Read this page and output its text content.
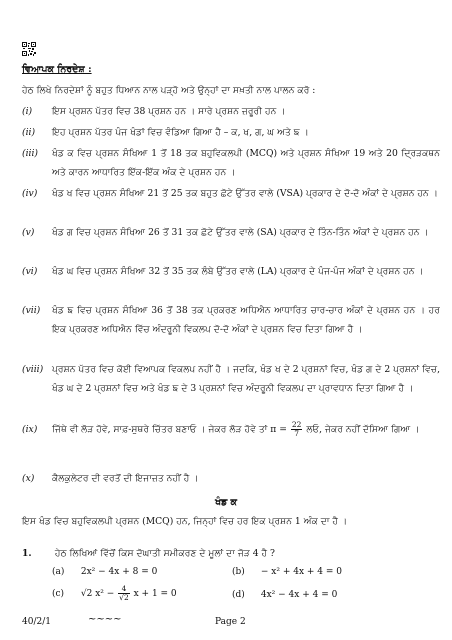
ਵਿਆਪਕ ਨਿਰਦੇਸ਼ :
ਹੇਠ ਲਿਖੇ ਨਿਰਦੇਸ਼ਾਂ ਨੂੰ ਬਹੁਤ ਧਿਆਨ ਨਾਲ ਪੜ੍ਹੋ ਅਤੇ ਉਨ੍ਹਾਂ ਦਾ ਸਖ਼ਤੀ ਨਾਲ ਪਾਲਨ ਕਰੋ :
(i)	ਇਸ ਪ੍ਰਸ਼ਨ ਪੱਤਰ ਵਿਚ 38 ਪ੍ਰਸ਼ਨ ਹਨ । ਸਾਰੇ ਪ੍ਰਸ਼ਨ ਜ਼ਰੂਰੀ ਹਨ ।
(ii)	ਇਹ ਪ੍ਰਸ਼ਨ ਪੱਤਰ ਪੰਜ ਖੰਡਾਂ ਵਿਚ ਵੰਡਿਆ ਗਿਆ ਹੈ – ਕ, ਖ, ਗ, ਘ ਅਤੇ ਙ ।
(iii)	ਖੰਡ ਕ ਵਿਚ ਪ੍ਰਸ਼ਨ ਸੰਖਿਆ 1 ਤੋਂ 18 ਤਕ ਬਹੁਵਿਕਲਪੀ (MCQ) ਅਤੇ ਪ੍ਰਸ਼ਨ ਸੰਖਿਆ 19 ਅਤੇ 20 ਦ੍ਰਿੜਕਥਨ ਅਤੇ ਕਾਰਨ ਆਧਾਰਿਤ ਇੱਕ-ਇੱਕ ਅੰਕ ਦੇ ਪ੍ਰਸ਼ਨ ਹਨ ।
(iv)	ਖੰਡ ਖ ਵਿਚ ਪ੍ਰਸ਼ਨ ਸੰਖਿਆ 21 ਤੋਂ 25 ਤਕ ਬਹੁਤ ਛੋਟੇ ਉੱਤਰ ਵਾਲੇ (VSA) ਪ੍ਰਕਾਰ ਦੇ ਦੋ-ਦੋ ਅੰਕਾਂ ਦੇ ਪ੍ਰਸ਼ਨ ਹਨ ।
(v)	ਖੰਡ ਗ ਵਿਚ ਪ੍ਰਸ਼ਨ ਸੰਖਿਆ 26 ਤੋਂ 31 ਤਕ ਛੋਟੇ ਉੱਤਰ ਵਾਲੇ (SA) ਪ੍ਰਕਾਰ ਦੇ ਤਿੰਨ-ਤਿੰਨ ਅੰਕਾਂ ਦੇ ਪ੍ਰਸ਼ਨ ਹਨ ।
(vi)	ਖੰਡ ਘ ਵਿਚ ਪ੍ਰਸ਼ਨ ਸੰਖਿਆ 32 ਤੋਂ 35 ਤਕ ਲੰਬੇ ਉੱਤਰ ਵਾਲੇ (LA) ਪ੍ਰਕਾਰ ਦੇ ਪੰਜ-ਪੰਜ ਅੰਕਾਂ ਦੇ ਪ੍ਰਸ਼ਨ ਹਨ ।
(vii)	ਖੰਡ ਙ ਵਿਚ ਪ੍ਰਸ਼ਨ ਸੰਖਿਆ 36 ਤੋਂ 38 ਤਕ ਪ੍ਰਕਰਣ ਅਧਿਐਨ ਆਧਾਰਿਤ ਚਾਰ-ਚਾਰ ਅੰਕਾਂ ਦੇ ਪ੍ਰਸ਼ਨ ਹਨ । ਹਰ ਇਕ ਪ੍ਰਕਰਣ ਅਧਿਐਨ ਵਿੱਚ ਅੰਦਰੂਨੀ ਵਿਕਲਪ ਦੋ-ਦੋ ਅੰਕਾਂ ਦੇ ਪ੍ਰਸ਼ਨ ਵਿਚ ਦਿਤਾ ਗਿਆ ਹੈ ।
(viii) ਪ੍ਰਸ਼ਨ ਪੱਤਰ ਵਿਚ ਕੋਈ ਵਿਆਪਕ ਵਿਕਲਪ ਨਹੀਂ ਹੈ । ਜਦਕਿ, ਖੰਡ ਖ ਦੇ 2 ਪ੍ਰਸ਼ਨਾਂ ਵਿਚ, ਖੰਡ ਗ ਦੇ 2 ਪ੍ਰਸ਼ਨਾਂ ਵਿਚ, ਖੰਡ ਘ ਦੇ 2 ਪ੍ਰਸ਼ਨਾਂ ਵਿਚ ਅਤੇ ਖੰਡ ਙ ਦੇ 3 ਪ੍ਰਸ਼ਨਾਂ ਵਿਚ ਅੰਦਰੂਨੀ ਵਿਕਲਪ ਦਾ ਪ੍ਰਾਵਧਾਨ ਦਿਤਾ ਗਿਆ ਹੈ ।
(ix)	ਜਿੱਥੇ ਵੀ ਲੋੜ ਹੋਵੇ, ਸਾਫ਼-ਸੁਥਰੇ ਚਿੱਤਰ ਬਣਾਓ । ਜੇਕਰ ਲੋੜ ਹੋਵੇ ਤਾਂ $\pi = \frac{22}{7}$ ਲਓ, ਜੇਕਰ ਨਹੀਂ ਦੱਸਿਆ ਗਿਆ ।
(x)	ਕੈਲਕੁਲੇਟਰ ਦੀ ਵਰਤੋਂ ਦੀ ਇਜਾਜ਼ਤ ਨਹੀਂ ਹੈ ।
ਖੰਡ ਕ
ਇਸ ਖੰਡ ਵਿਚ ਬਹੁਵਿਕਲਪੀ ਪ੍ਰਸ਼ਨ (MCQ) ਹਨ, ਜਿਨ੍ਹਾਂ ਵਿਚ ਹਰ ਇਕ ਪ੍ਰਸ਼ਨ 1 ਅੰਕ ਦਾ ਹੈ ।
1.	ਹੇਠ ਲਿਖਿਆਂ ਵਿੱਚੋਂ ਕਿਸ ਦੋਘਾਤੀ ਸਮੀਕਰਣ ਦੇ ਮੂਲਾਂ ਦਾ ਜੋੜ 4 ਹੈ ?
(a) 2x² − 4x + 8 = 0	(b) − x² + 4x + 4 = 0
(c) √2 $x^2 - \frac{4}{√2}$ x + 1 = 0	(d) 4x² − 4x + 4 = 0
40/2/1	~~~~	Page 2
